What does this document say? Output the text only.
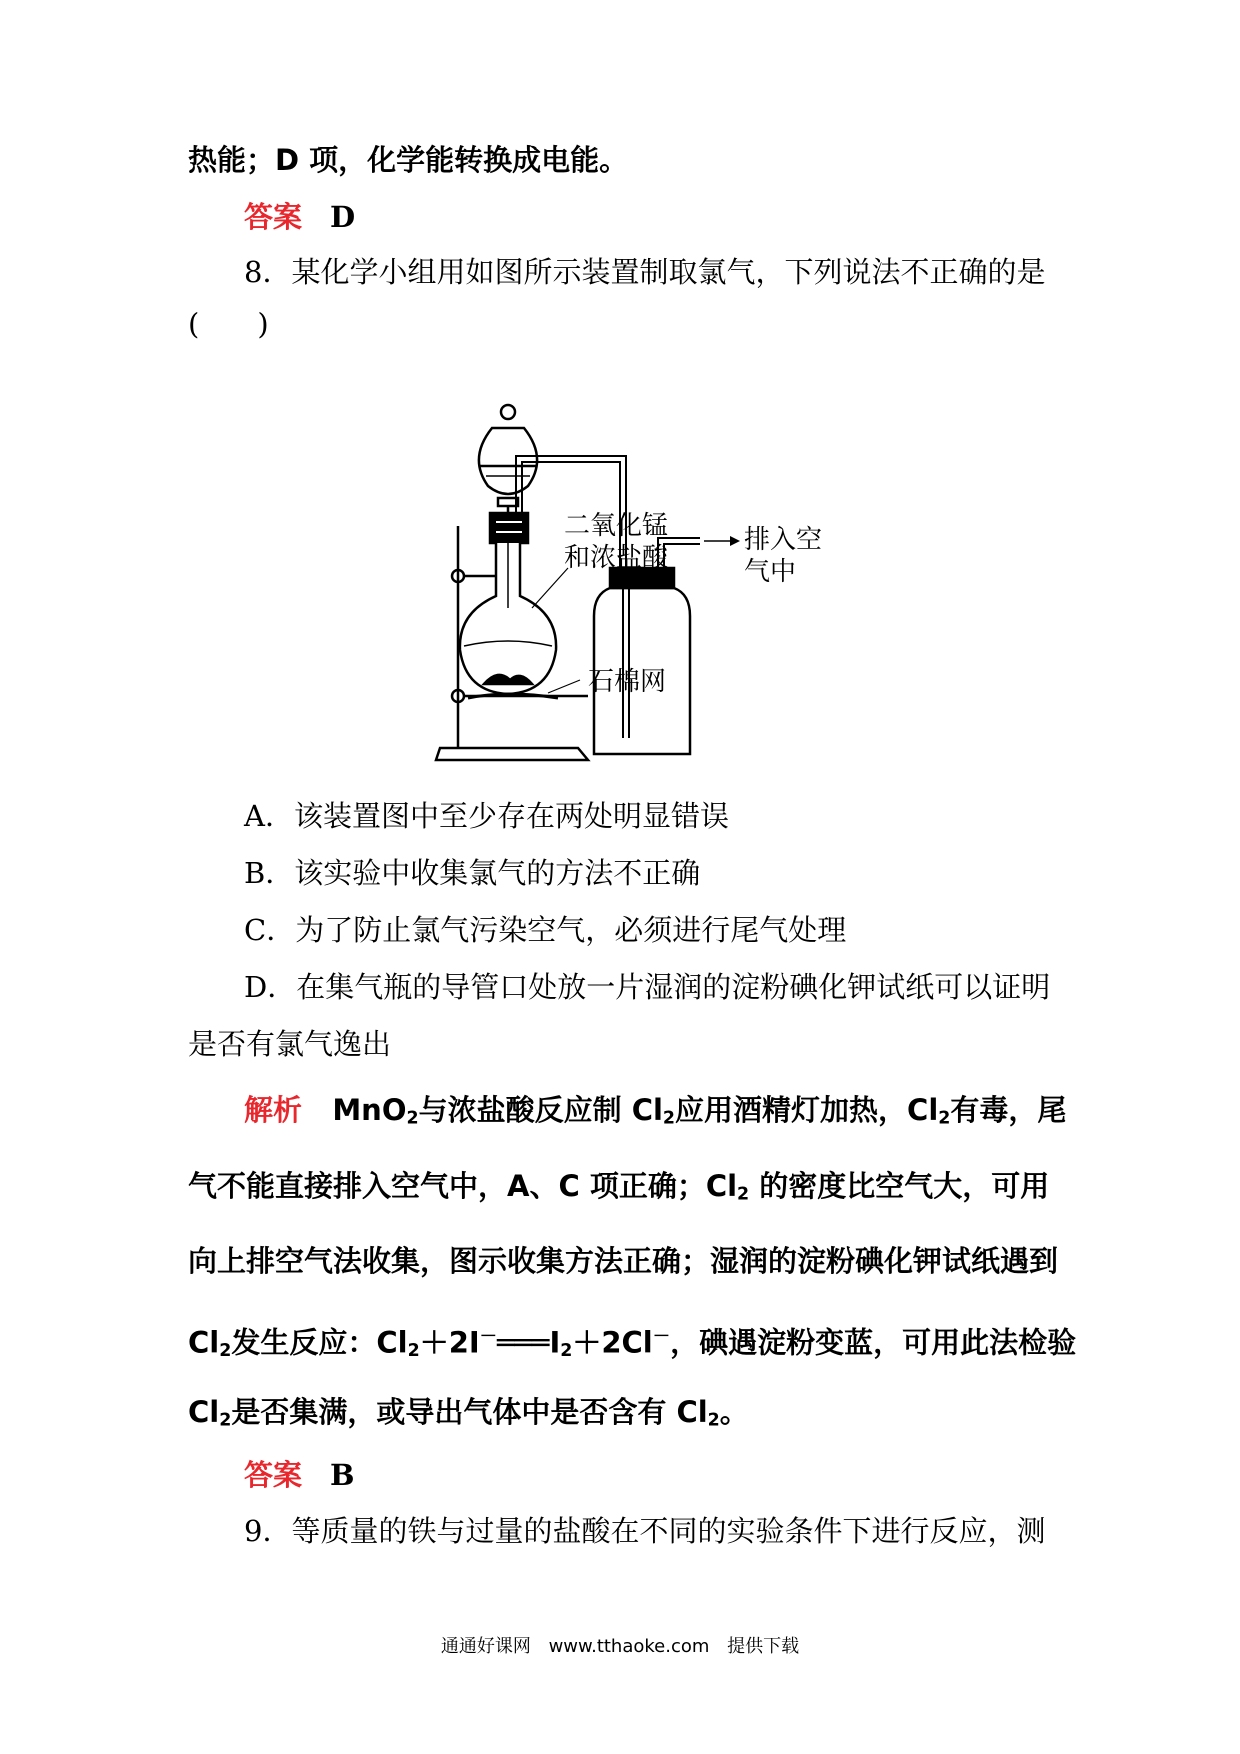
热能；D 项，化学能转换成电能。
答案 D
8．某化学小组用如图所示装置制取氯气，下列说法不正确的是
(　　)
二氧化锰
和浓盐酸
石棉网
排入空
气中
A．该装置图中至少存在两处明显错误
B．该实验中收集氯气的方法不正确
C．为了防止氯气污染空气，必须进行尾气处理
D．在集气瓶的导管口处放一片湿润的淀粉碘化钾试纸可以证明
是否有氯气逸出
解析 MnO$_2$与浓盐酸反应制 $Cl_2$应用酒精灯加热，$Cl_2$有毒，尾
气不能直接排入空气中，A、C 项正确；$Cl_2$ 的密度比空气大，可用
向上排空气法收集，图示收集方法正确；湿润的淀粉碘化钾试纸遇到
$Cl_2$发生反应：$Cl_2+2I^-═══I_2+2Cl^-$，碘遇淀粉变蓝，可用此法检验
$Cl_2$是否集满，或导出气体中是否含有 $Cl_2$。
答案 B
9．等质量的铁与过量的盐酸在不同的实验条件下进行反应，测
通通好课网 www.tthaoke.com 提供下载
